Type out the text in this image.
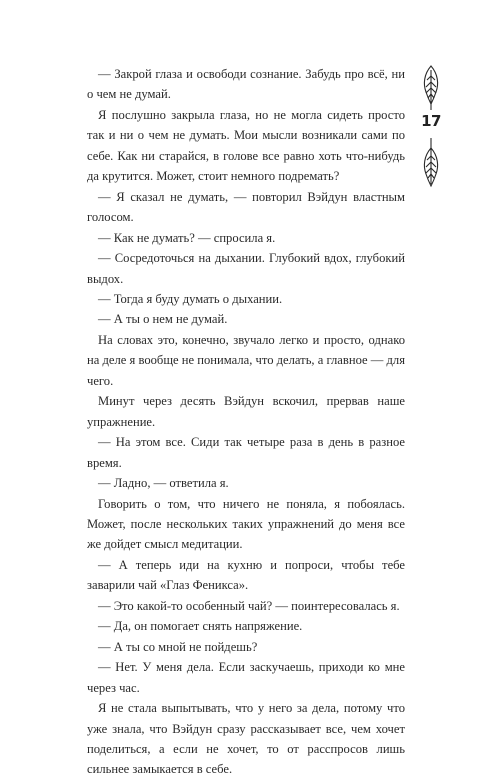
17

— Закрой глаза и освободи сознание. Забудь про всё, ни о чем не думай.

Я послушно закрыла глаза, но не могла сидеть просто так и ни о чем не думать. Мои мысли возникали сами по себе. Как ни старайся, в голове все равно хоть что-нибудь да крутится. Может, стоит немного подремать?

— Я сказал не думать, — повторил Вэйдун властным голосом.

— Как не думать? — спросила я.

— Сосредоточься на дыхании. Глубокий вдох, глубокий выдох.

— Тогда я буду думать о дыхании.

— А ты о нем не думай.

На словах это, конечно, звучало легко и просто, однако на деле я вообще не понимала, что делать, а главное — для чего.

Минут через десять Вэйдун вскочил, прервав наше упражнение.

— На этом все. Сиди так четыре раза в день в разное время.

— Ладно, — ответила я.

Говорить о том, что ничего не поняла, я побоялась. Может, после нескольких таких упражнений до меня все же дойдет смысл медитации.

— А теперь иди на кухню и попроси, чтобы тебе заварили чай «Глаз Феникса».

— Это какой-то особенный чай? — поинтересовалась я.

— Да, он помогает снять напряжение.

— А ты со мной не пойдешь?

— Нет. У меня дела. Если заскучаешь, приходи ко мне через час.

Я не стала выпытывать, что у него за дела, потому что уже знала, что Вэйдун сразу рассказывает все, чем хочет поделиться, а если не хочет, то от расспросов лишь сильнее замыкается в себе.
